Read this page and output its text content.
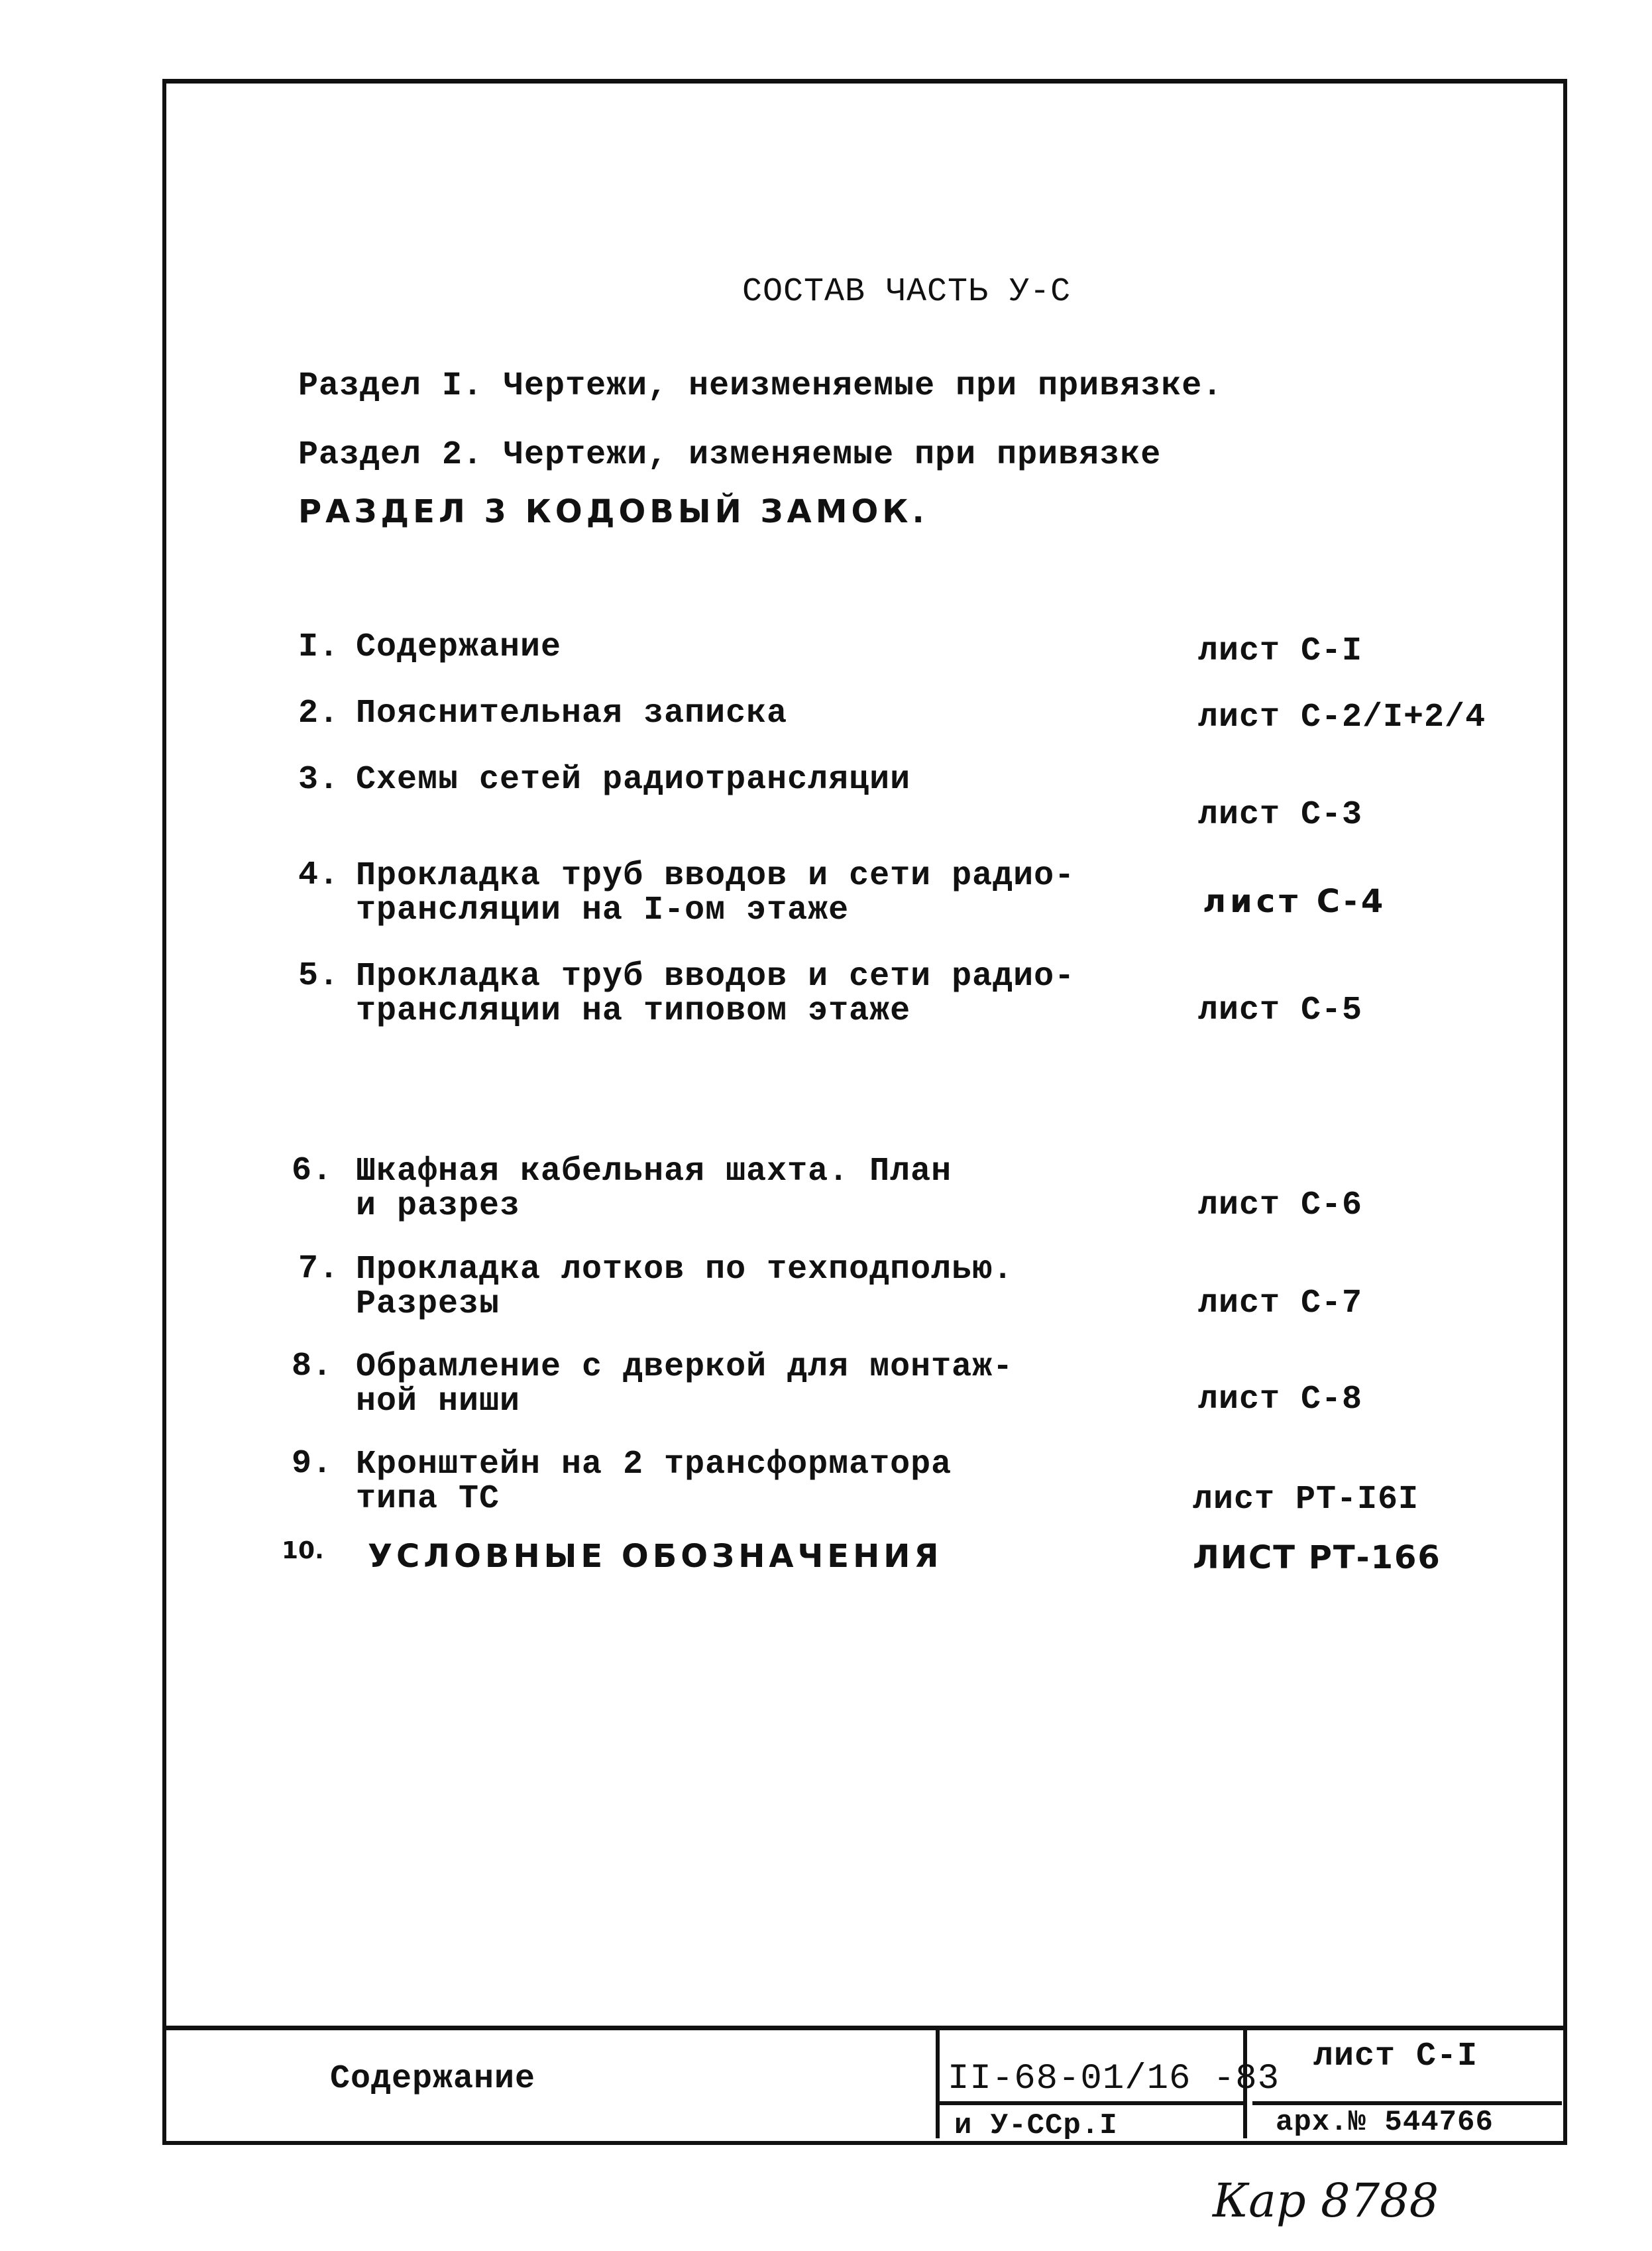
СОСТАВ ЧАСТЬ У-С
Раздел I. Чертежи, неизменяемые при привязке.
Раздел 2. Чертежи, изменяемые при привязке
РАЗДЕЛ 3 КОДОВЫЙ ЗАМОК.
I. Содержание	лист С-I
2. Пояснительная записка	лист С-2/I+2/4
3. Схемы сетей радиотрансляции
лист С-3
4. Прокладка труб вводов и сети радио-
трансляции на I-ом этаже	лист С-4
5. Прокладка труб вводов и сети радио-
трансляции на типовом этаже	лист С-5
6. Шкафная кабельная шахта. План
и разрез	лист С-6
7. Прокладка лотков по техподполью.
Разрезы	лист С-7
8. Обрамление с дверкой для монтаж-
ной ниши	лист С-8
9. Кронштейн на 2 трансформатора
типа ТС	лист РТ-I6I
10. УСЛОВНЫЕ ОБОЗНАЧЕНИЯ	ЛИСТ РТ-166
Содержание	II-68-01/16 -83
и У-ССр.I
лист С-I
арх.№ 544766
Кар 8788
